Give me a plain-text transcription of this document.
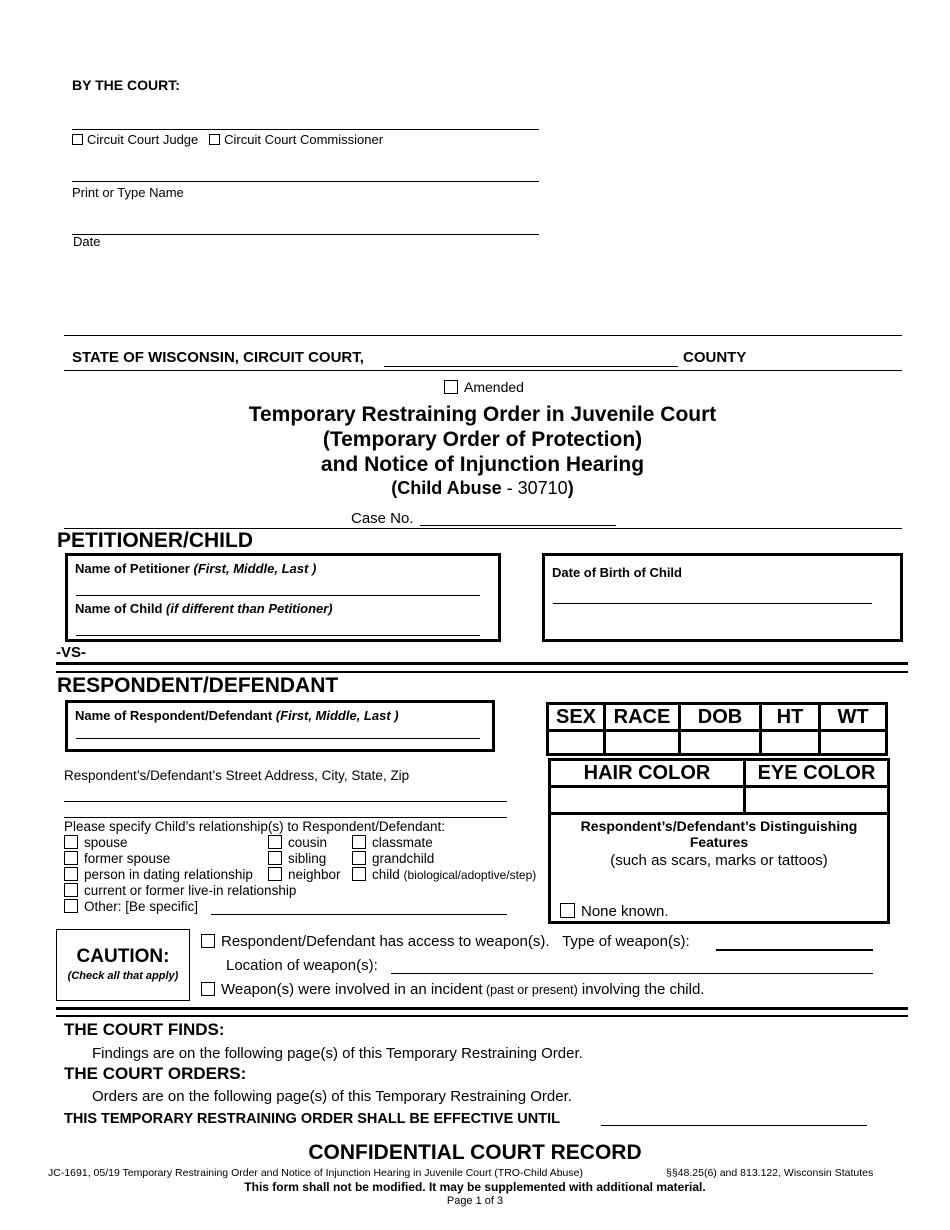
BY THE COURT:
Circuit Court Judge Circuit Court Commissioner
Print or Type Name
Date
STATE OF WISCONSIN, CIRCUIT COURT,	COUNTY
Amended
Temporary Restraining Order in Juvenile Court
(Temporary Order of Protection)
and Notice of Injunction Hearing
(Child Abuse - 30710)
Case No.
PETITIONER/CHILD
Name of Petitioner (First, Middle, Last )
Name of Child (if different than Petitioner)
Date of Birth of Child
-VS-
RESPONDENT/DEFENDANT
Name of Respondent/Defendant (First, Middle, Last )
Respondent’s/Defendant’s Street Address, City, State, Zip
Please specify Child’s relationship(s) to Respondent/Defendant:
spouse	cousin	classmate
former spouse	sibling	grandchild
person in dating relationship	neighbor	child (biological/adoptive/step)
current or former live-in relationship
Other: [Be specific]
SEX	RACE	DOB	HT	WT

HAIR COLOR	EYE COLOR

Respondent’s/Defendant’s Distinguishing Features
(such as scars, marks or tattoos)
None known.
CAUTION:
(Check all that apply)
Respondent/Defendant has access to weapon(s). Type of weapon(s):
Location of weapon(s):
Weapon(s) were involved in an incident (past or present) involving the child.
THE COURT FINDS:
Findings are on the following page(s) of this Temporary Restraining Order.
THE COURT ORDERS:
Orders are on the following page(s) of this Temporary Restraining Order.
THIS TEMPORARY RESTRAINING ORDER SHALL BE EFFECTIVE UNTIL
CONFIDENTIAL COURT RECORD
JC-1691, 05/19 Temporary Restraining Order and Notice of Injunction Hearing in Juvenile Court (TRO-Child Abuse)	§§48.25(6) and 813.122, Wisconsin Statutes
This form shall not be modified. It may be supplemented with additional material.
Page 1 of 3
